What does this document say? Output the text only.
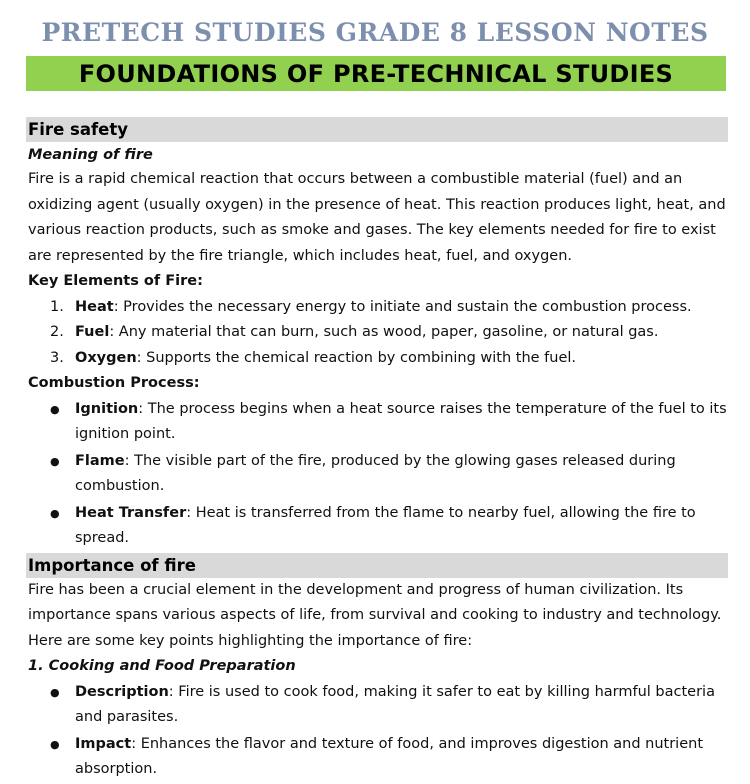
PRETECH STUDIES GRADE 8 LESSON NOTES
FOUNDATIONS OF PRE-TECHNICAL STUDIES
Fire safety
Meaning of fire

Fire is a rapid chemical reaction that occurs between a combustible material (fuel) and an oxidizing agent (usually oxygen) in the presence of heat. This reaction produces light, heat, and various reaction products, such as smoke and gases. The key elements needed for fire to exist are represented by the fire triangle, which includes heat, fuel, and oxygen.

Key Elements of Fire:
1. Heat: Provides the necessary energy to initiate and sustain the combustion process.
2. Fuel: Any material that can burn, such as wood, paper, gasoline, or natural gas.
3. Oxygen: Supports the chemical reaction by combining with the fuel.
Combustion Process:
● Ignition: The process begins when a heat source raises the temperature of the fuel to its ignition point.
● Flame: The visible part of the fire, produced by the glowing gases released during combustion.
● Heat Transfer: Heat is transferred from the flame to nearby fuel, allowing the fire to spread.
Importance of fire

Fire has been a crucial element in the development and progress of human civilization. Its importance spans various aspects of life, from survival and cooking to industry and technology. Here are some key points highlighting the importance of fire:

1. Cooking and Food Preparation
● Description: Fire is used to cook food, making it safer to eat by killing harmful bacteria and parasites.
● Impact: Enhances the flavor and texture of food, and improves digestion and nutrient absorption.
